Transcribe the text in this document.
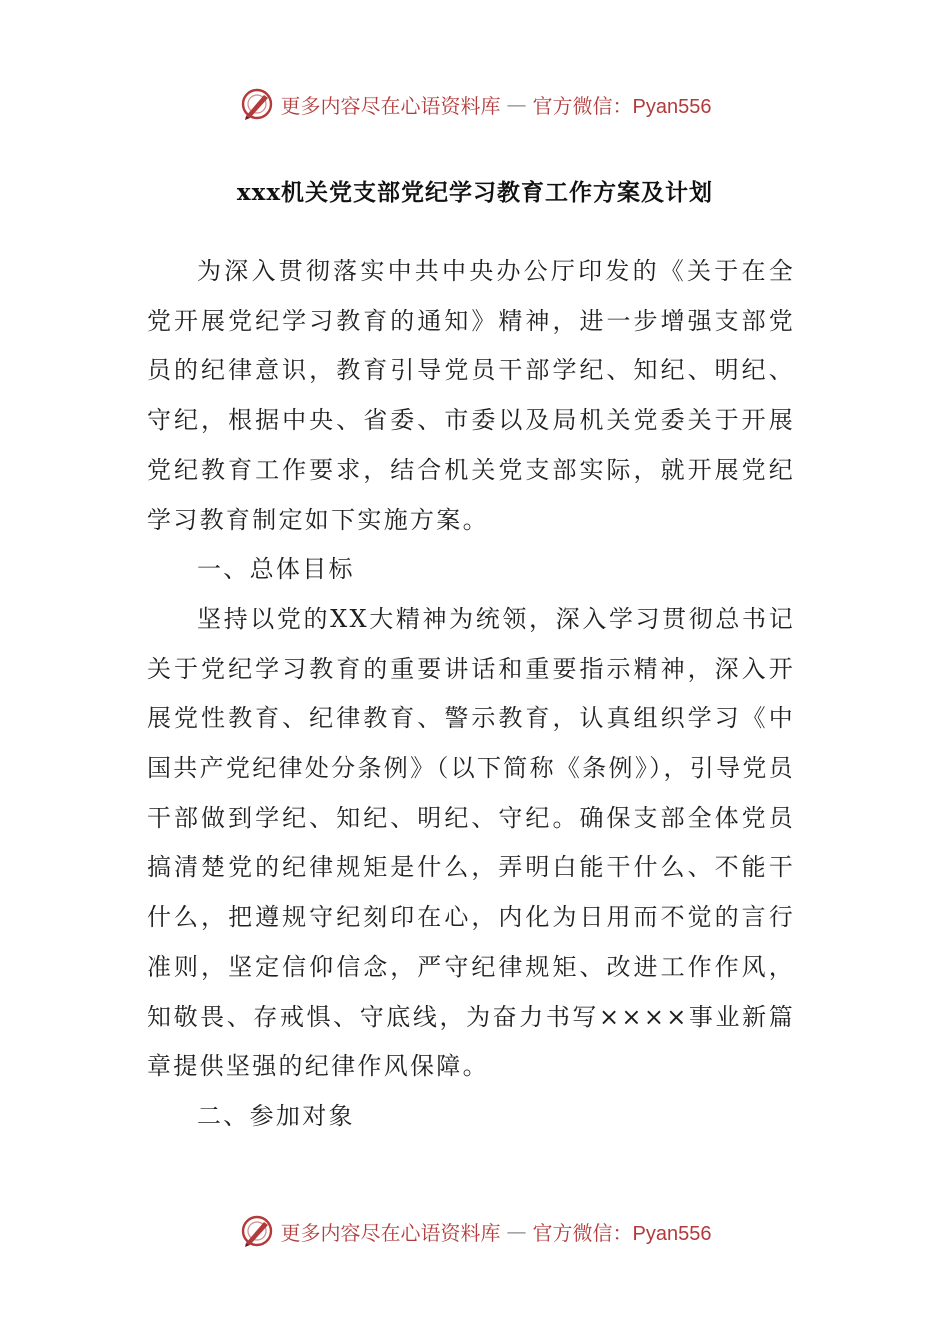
更多内容尽在心语资料库 — 官方微信：Pyan556
xxx机关党支部党纪学习教育工作方案及计划

为深入贯彻落实中共中央办公厅印发的《关于在全党开展党纪学习教育的通知》精神，进一步增强支部党员的纪律意识，教育引导党员干部学纪、知纪、明纪、守纪，根据中央、省委、市委以及局机关党委关于开展党纪教育工作要求，结合机关党支部实际，就开展党纪学习教育制定如下实施方案。

一、总体目标

坚持以党的XX大精神为统领，深入学习贯彻总书记关于党纪学习教育的重要讲话和重要指示精神，深入开展党性教育、纪律教育、警示教育，认真组织学习《中国共产党纪律处分条例》（以下简称《条例》），引导党员干部做到学纪、知纪、明纪、守纪。确保支部全体党员搞清楚党的纪律规矩是什么，弄明白能干什么、不能干什么，把遵规守纪刻印在心，内化为日用而不觉的言行准则，坚定信仰信念，严守纪律规矩、改进工作作风，知敬畏、存戒惧、守底线，为奋力书写××××事业新篇章提供坚强的纪律作风保障。

二、参加对象

更多内容尽在心语资料库 — 官方微信：Pyan556
